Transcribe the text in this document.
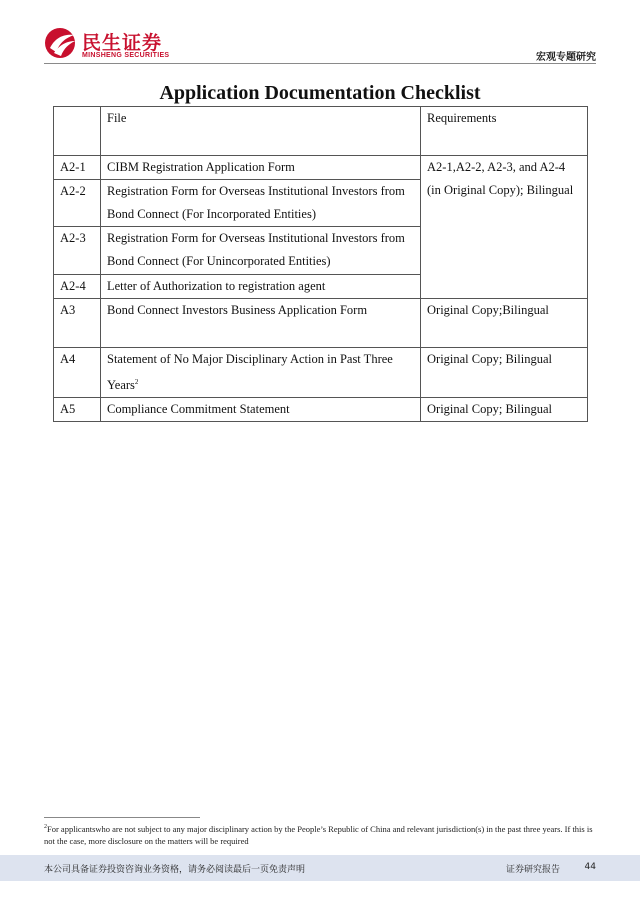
民生证券
MINSHENG SECURITIES	宏观专题研究
Application Documentation Checklist
	File	Requirements
A2-1	CIBM Registration Application Form	A2-1,A2-2, A2-3, and A2-4 (in Original Copy); Bilingual
A2-2	Registration Form for Overseas Institutional Investors from Bond Connect (For Incorporated Entities)	
A2-3	Registration Form for Overseas Institutional Investors from Bond Connect (For Unincorporated Entities)	
A2-4	Letter of Authorization to registration agent	
A3	Bond Connect Investors Business Application Form	Original Copy;Bilingual
A4	Statement of No Major Disciplinary Action in Past Three Years$^2$	Original Copy; Bilingual
A5	Compliance Commitment Statement	Original Copy; Bilingual
$^2$For applicantswho are not subject to any major disciplinary action by the People’s Republic of China and relevant jurisdiction(s) in the past three years. If this is not the case, more disclosure on the matters will be required
本公司具备证券投资咨询业务资格，请务必阅读最后一页免责声明	证券研究报告	44
